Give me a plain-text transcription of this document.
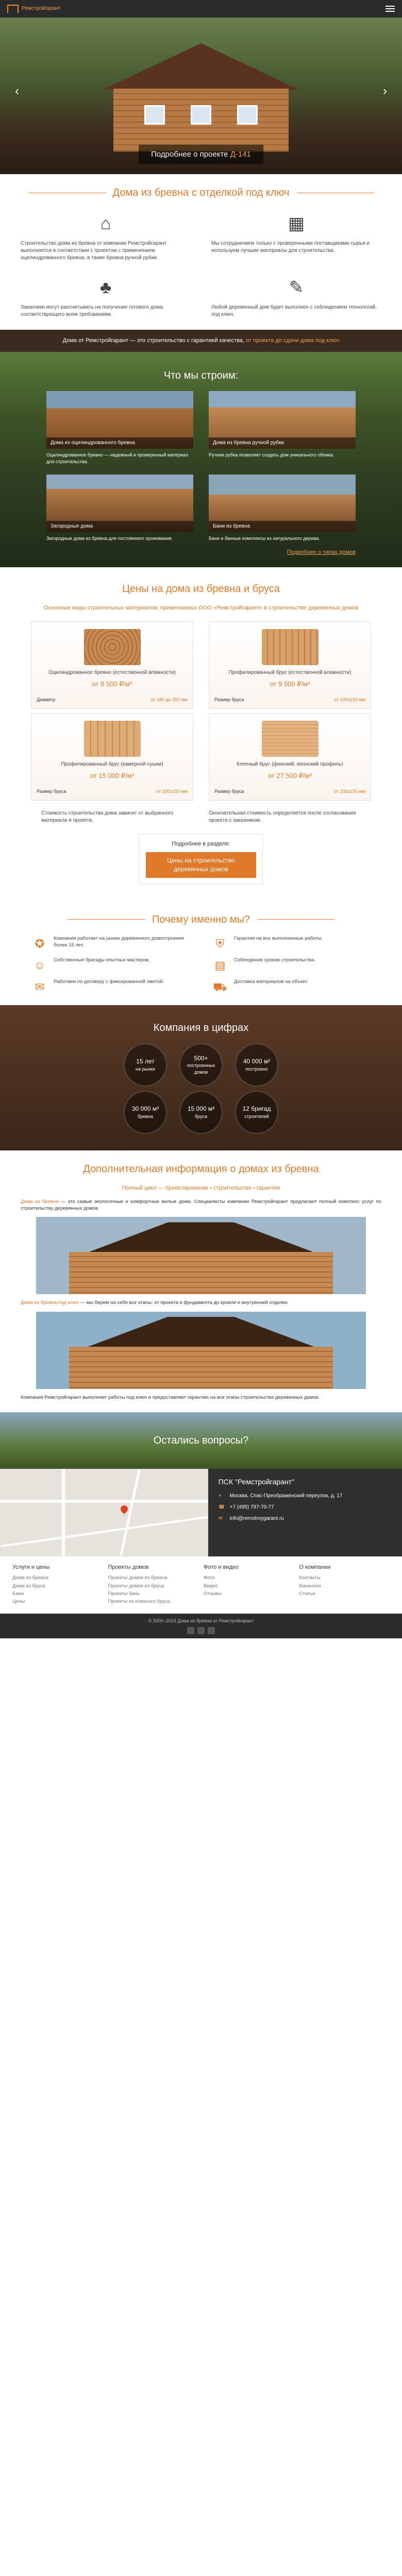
Ремстройгарант
‹	›
Подробнее о проекте Д-141
Дома из бревна с отделкой под ключ
⌂

Строительство дома из бревна от компании Ремстройгарант выполняется в соответствии с проектом с применением оцилиндрованного бревна, а также бревна ручной рубки.

▦

Мы сотрудничаем только с проверенными поставщиками сырья и используем лучшие материалы для строительства.

♣

Заказчики могут рассчитывать на получение готового дома, соответствующего всем требованиям.

✎

Любой деревянный дом будет выполнен с соблюдением технологий, под ключ.

Дома от Ремстройгарант — это строительство с гарантией качества, от проекта до сдачи дома под ключ
Что мы строим:
Дома из оцилиндрованного бревна
Оцилиндрованное бревно — надежный и проверенный материал для строительства.
Дома из бревна ручной рубки
Ручная рубка позволяет создать дом уникального облика.
Загородные дома
Загородные дома из бревна для постоянного проживания.
Бани из бревна
Бани и банные комплексы из натурального дерева.
Подробнее о типах домов
Цены на дома из бревна и бруса
Основные виды строительных материалов, применяемых ООО «Ремстройгарант» в строительстве деревянных домов
Оцилиндрованное бревно (естественной влажности)
от 8 500 ₽/м³
Диаметр	от 180 до 320 мм
Профилированный брус (естественной влажности)
от 9 500 ₽/м³
Размер бруса	от 100х150 мм
Профилированный брус (камерной сушки)
от 15 000 ₽/м³
Размер бруса	от 100х150 мм
Клееный брус (финский, японский профиль)
от 27 500 ₽/м³
Размер бруса	от 100х150 мм

Стоимость строительства дома зависит от выбранного материала и проекта.

Окончательная стоимость определяется после согласования проекта с заказчиком.

Подробнее в разделе:
Цены на строительство деревянных домов
Почему именно мы?
✪	Компания работает на рынке деревянного домостроения более 15 лет.	⛨	Гарантия на все выполненные работы.

☺	Собственные бригады опытных мастеров.	▤	Соблюдение сроков строительства.

✉	Работаем по договору с фиксированной сметой.	⛟	Доставка материалов на объект.

Компания в цифрах
15 лет
на рынке
500+
построенных домов
40 000 м²
построено
30 000 м³
бревна
15 000 м³
бруса
12 бригад
строителей
Дополнительная информация о домах из бревна
Полный цикл — проектирование • строительство • гарантия

Дома из бревна — это самые экологичные и комфортные жилые дома. Специалисты компании Ремстройгарант предлагают полный комплекс услуг по строительству деревянных домов.

Дома из бревна под ключ — мы берем на себя все этапы: от проекта и фундамента до кровли и внутренней отделки.

Компания Ремстройгарант выполняет работы под ключ и предоставляет гарантию на все этапы строительства деревянных домов.

Остались вопросы?
ПСК "Ремстройгарант"
⌖	Москва, Спас-Преображенский переулок, д. 17
☎ +7 (495) 797-70-77
✉	info@remstroygarant.ru
Услуги и цены
Дома из бревна
Дома из бруса
Бани
Цены
Проекты домов
Проекты домов из бревна
Проекты домов из бруса
Проекты бань
Проекты из клееного бруса
Фото и видео
Фото
Видео
Отзывы
О компании
Контакты
Вакансии
Статьи
© 2000–2023 Дома из бревна от Ремстройгарант
